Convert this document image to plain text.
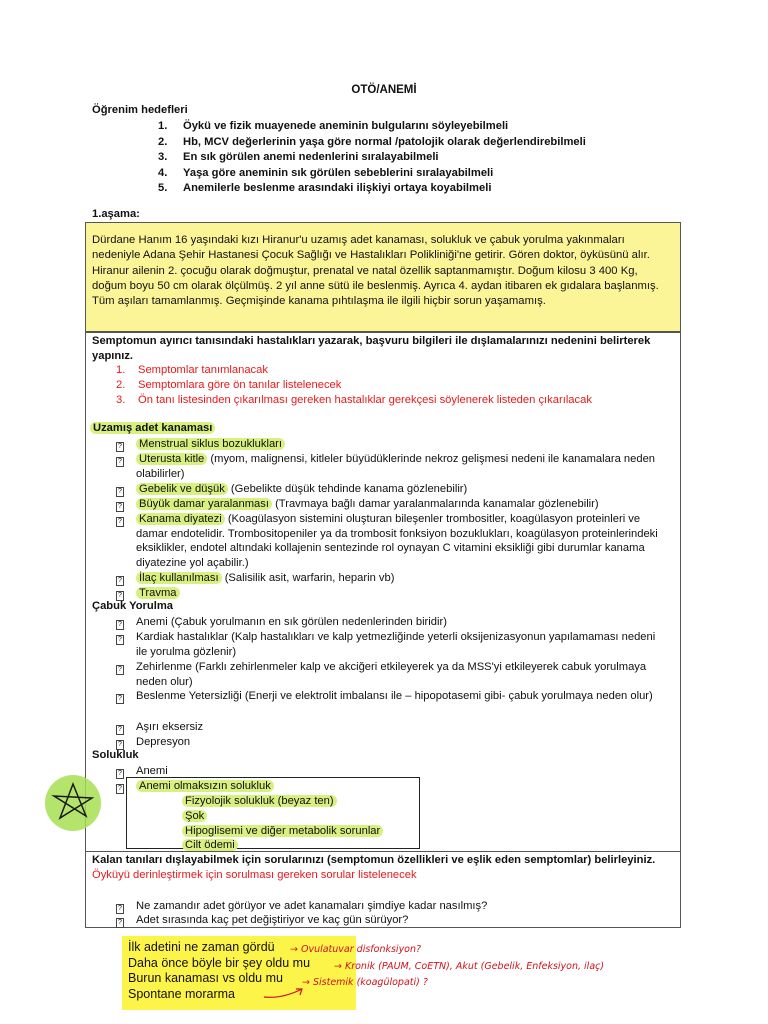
OTÖ/ANEMİ
Öğrenim hedefleri
1. Öykü ve fizik muayenede aneminin bulgularını söyleyebilmeli
2. Hb, MCV değerlerinin yaşa göre normal /patolojik olarak değerlendirebilmeli
3. En sık görülen anemi nedenlerini sıralayabilmeli
4. Yaşa göre aneminin sık görülen sebeblerini sıralayabilmeli
5. Anemilerle beslenme arasındaki ilişkiyi ortaya koyabilmeli
1.aşama:
Dürdane Hanım 16 yaşındaki kızı Hiranur'u uzamış adet kanaması, solukluk ve çabuk yorulma yakınmaları nedeniyle Adana Şehir Hastanesi Çocuk Sağlığı ve Hastalıkları Polikliniği'ne getirir. Gören doktor, öyküsünü alır. Hiranur ailenin 2. çocuğu olarak doğmuştur, prenatal ve natal özellik saptanmamıştır. Doğum kilosu 3 400 Kg, doğum boyu 50 cm olarak ölçülmüş. 2 yıl anne sütü ile beslenmiş. Ayrıca 4. aydan itibaren ek gıdalara başlanmış. Tüm aşıları tamamlanmış. Geçmişinde kanama pıhtılaşma ile ilgili hiçbir sorun yaşamamış.
Semptomun ayırıcı tanısındaki hastalıkları yazarak, başvuru bilgileri ile dışlamalarınızı nedenini belirterek yapınız.
1. Semptomlar tanımlanacak
2. Semptomlara göre ön tanılar listelenecek
3. Ön tanı listesinden çıkarılması gereken hastalıklar gerekçesi söylenerek listeden çıkarılacak
Uzamış adet kanaması
? Menstrual siklus bozuklukları
? Uterusta kitle (myom, malignensi, kitleler büyüdüklerinde nekroz gelişmesi nedeni ile kanamalara neden olabilirler)
? Gebelik ve düşük (Gebelikte düşük tehdinde kanama gözlenebilir)
? Büyük damar yaralanması (Travmaya bağlı damar yaralanmalarında kanamalar gözlenebilir)
? Kanama diyatezi (Koagülasyon sistemini oluşturan bileşenler trombositler, koagülasyon proteinleri ve damar endotelidir. Trombositopeniler ya da trombosit fonksiyon bozuklukları, koagülasyon proteinlerindeki eksiklikler, endotel altındaki kollajenin sentezinde rol oynayan C vitamini eksikliği gibi durumlar kanama diyatezine yol açabilir.)
? İlaç kullanılması (Salisilik asit, warfarin, heparin vb)
? Travma
Çabuk Yorulma
? Anemi (Çabuk yorulmanın en sık görülen nedenlerinden biridir)
? Kardiak hastalıklar (Kalp hastalıkları ve kalp yetmezliğinde yeterli oksijenizasyonun yapılamaması nedeni ile yorulma gözlenir)
? Zehirlenme (Farklı zehirlenmeler kalp ve akciğeri etkileyerek ya da MSS'yi etkileyerek cabuk yorulmaya neden olur)
? Beslenme Yetersizliği (Enerji ve elektrolit imbalansı ile – hipopotasemi gibi- çabuk yorulmaya neden olur)
? Aşırı eksersiz
? Depresyon
Solukluk
? Anemi
? Anemi olmaksızın solukluk
Fizyolojik solukluk (beyaz ten)
Şok
Hipoglisemi ve diğer metabolik sorunlar
Cilt ödemi
Kalan tanıları dışlayabilmek için sorularınızı (semptomun özellikleri ve eşlik eden semptomlar) belirleyiniz.
Öyküyü derinleştirmek için sorulması gereken sorular listelenecek
? Ne zamandır adet görüyor ve adet kanamaları şimdiye kadar nasılmış?
? Adet sırasında kaç pet değiştiriyor ve kaç gün sürüyor?
İlk adetini ne zaman gördü
Daha önce böyle bir şey oldu mu
Burun kanaması vs oldu mu
Spontane morarma
→ Ovulatuvar disfonksiyon?
→ Kronik (PAUM, CoETN), Akut (Gebelik, Enfeksiyon, ilaç)
→ Sistemik (koagülopati) ?
